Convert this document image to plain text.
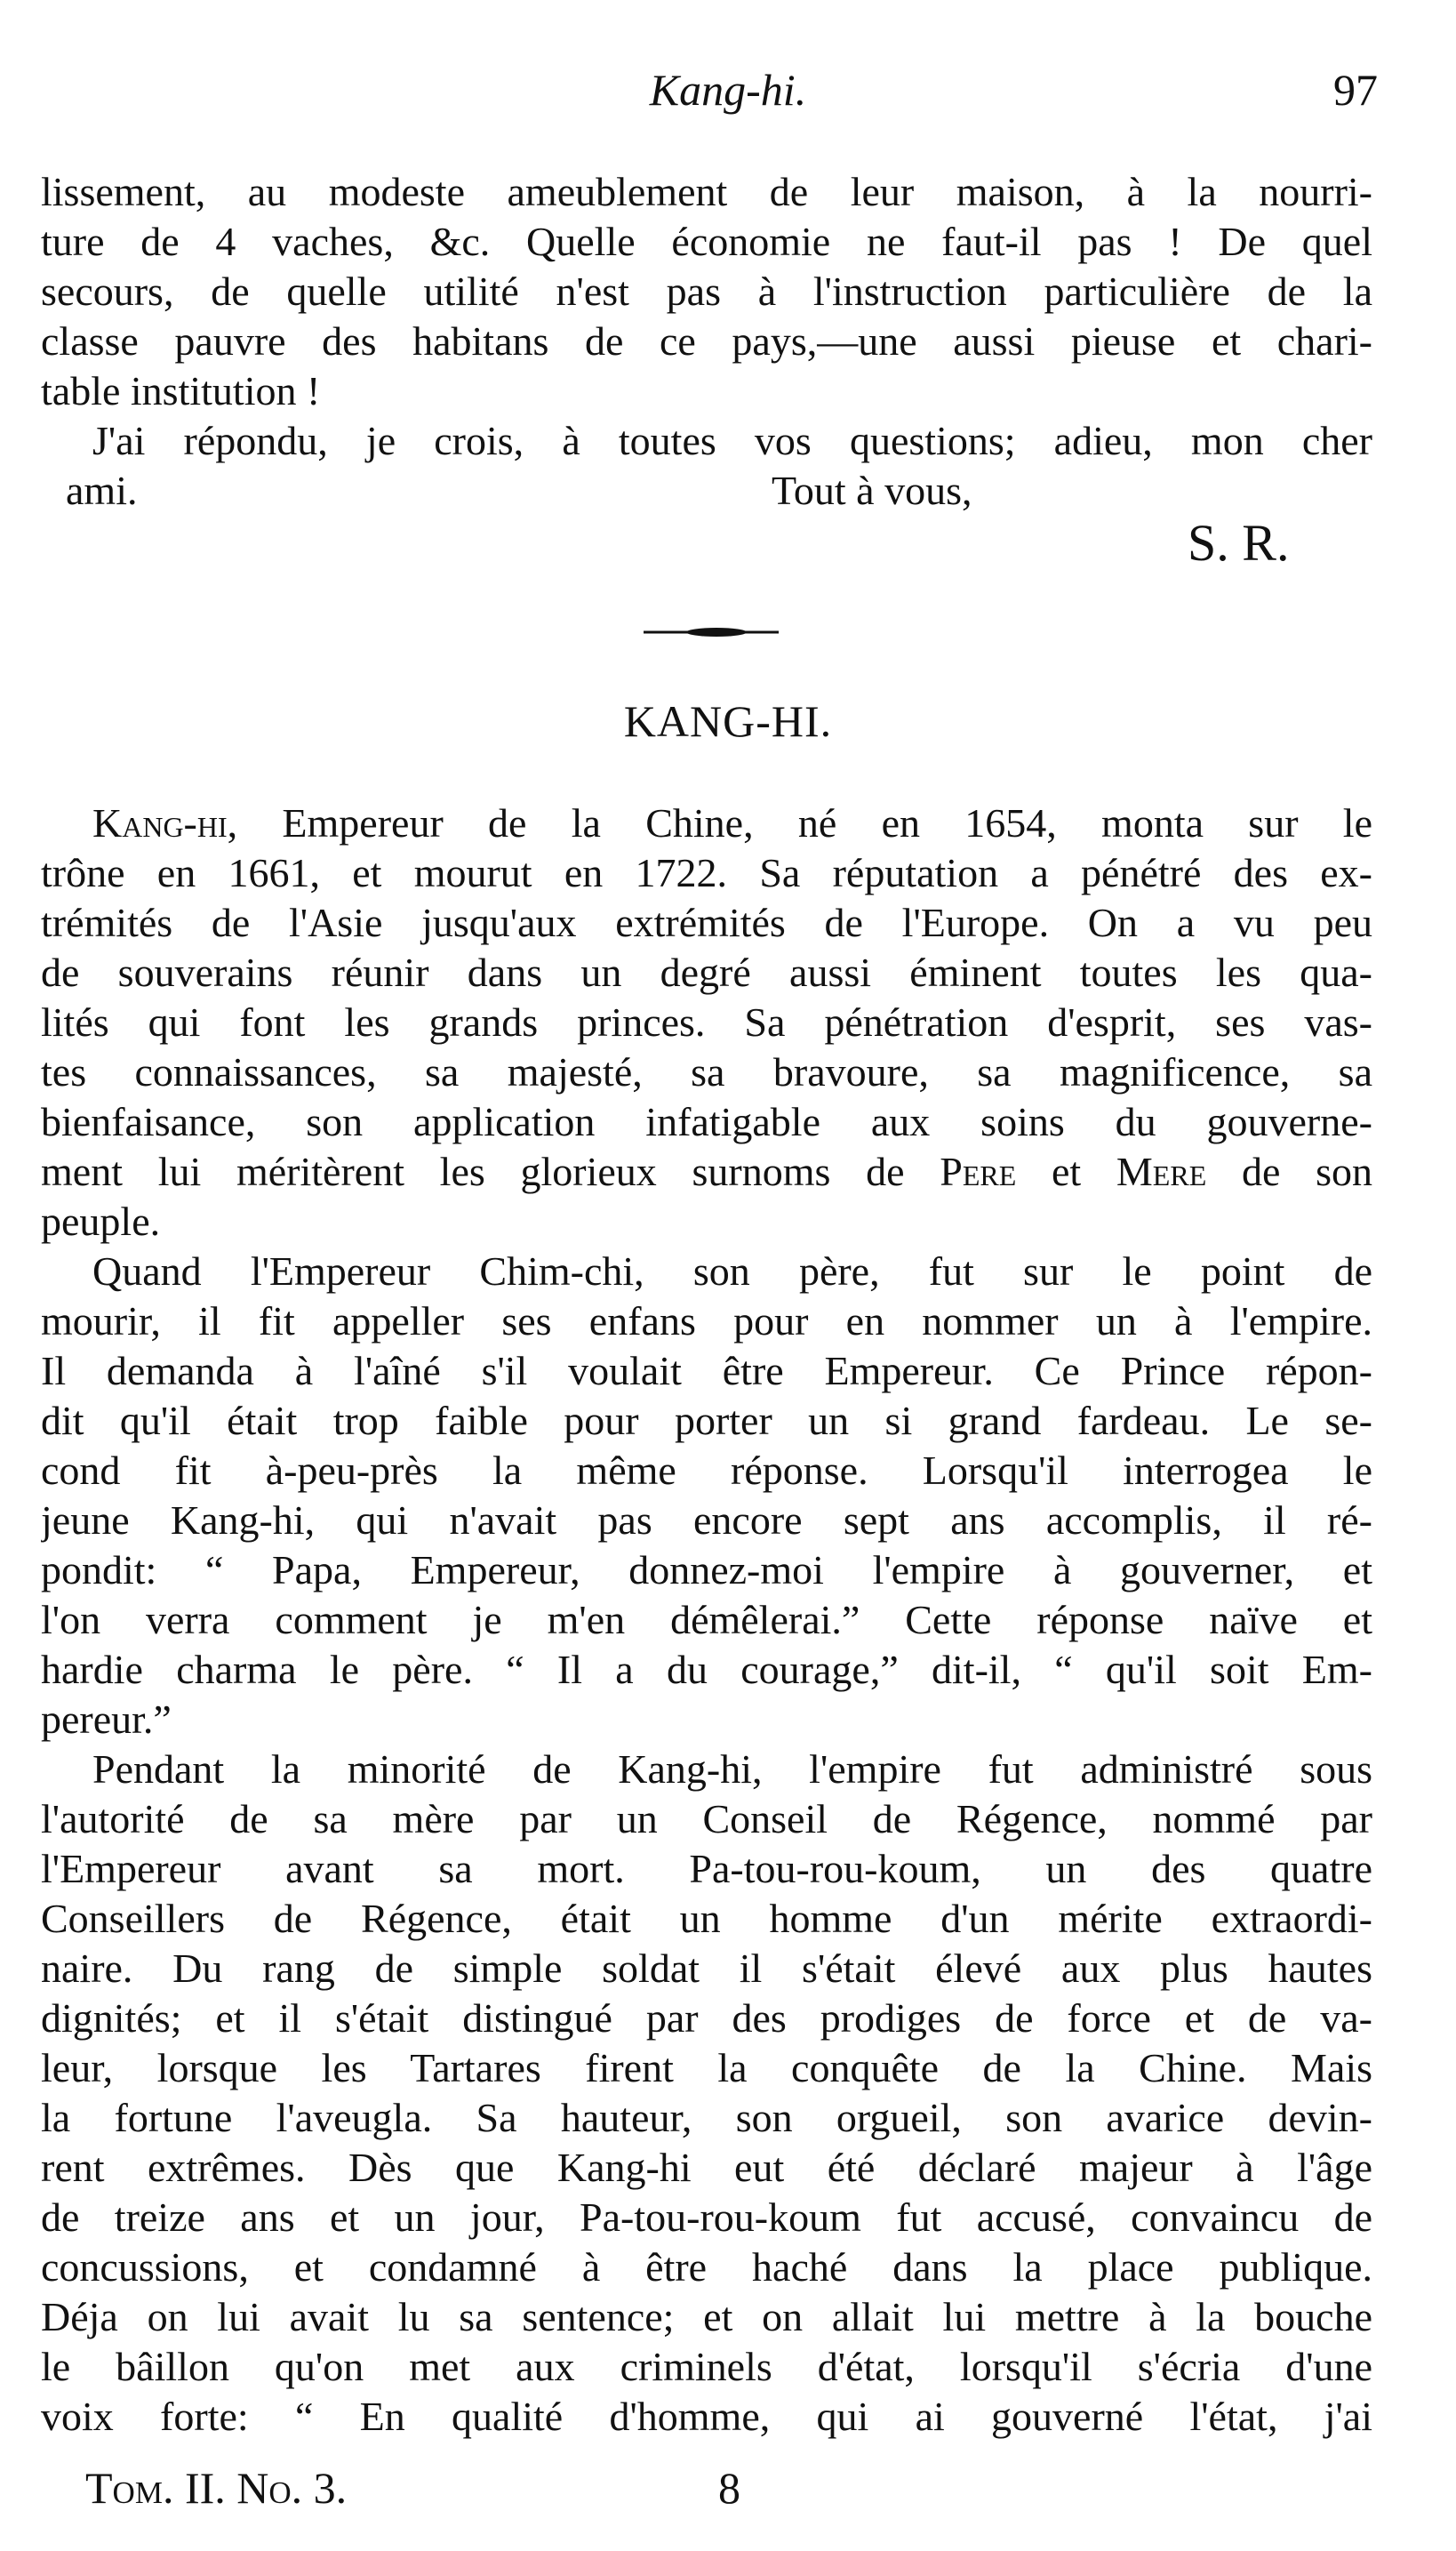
Kang-hi.	97
lissement, au modeste ameublement de leur maison, à la nourri-
ture de 4 vaches, &c. Quelle économie ne faut-il pas ! De quel
secours, de quelle utilité n'est pas à l'instruction particulière de la
classe pauvre des habitans de ce pays,—une aussi pieuse et chari-
table institution !
J'ai répondu, je crois, à toutes vos questions; adieu, mon cher
ami.	Tout à vous,
S. R.
KANG-HI.
Kang-hi, Empereur de la Chine, né en 1654, monta sur le
trône en 1661, et mourut en 1722. Sa réputation a pénétré des ex-
trémités de l'Asie jusqu'aux extrémités de l'Europe. On a vu peu
de souverains réunir dans un degré aussi éminent toutes les qua-
lités qui font les grands princes. Sa pénétration d'esprit, ses vas-
tes connaissances, sa majesté, sa bravoure, sa magnificence, sa
bienfaisance, son application infatigable aux soins du gouverne-
ment lui méritèrent les glorieux surnoms de Pere et Mere de son
peuple.
Quand l'Empereur Chim-chi, son père, fut sur le point de
mourir, il fit appeller ses enfans pour en nommer un à l'empire.
Il demanda à l'aîné s'il voulait être Empereur. Ce Prince répon-
dit qu'il était trop faible pour porter un si grand fardeau. Le se-
cond fit à-peu-près la même réponse. Lorsqu'il interrogea le
jeune Kang-hi, qui n'avait pas encore sept ans accomplis, il ré-
pondit: “ Papa, Empereur, donnez-moi l'empire à gouverner, et
l'on verra comment je m'en démêlerai.” Cette réponse naïve et
hardie charma le père. “ Il a du courage,” dit-il, “ qu'il soit Em-
pereur.”
Pendant la minorité de Kang-hi, l'empire fut administré sous
l'autorité de sa mère par un Conseil de Régence, nommé par
l'Empereur avant sa mort. Pa-tou-rou-koum, un des quatre
Conseillers de Régence, était un homme d'un mérite extraordi-
naire. Du rang de simple soldat il s'était élevé aux plus hautes
dignités; et il s'était distingué par des prodiges de force et de va-
leur, lorsque les Tartares firent la conquête de la Chine. Mais
la fortune l'aveugla. Sa hauteur, son orgueil, son avarice devin-
rent extrêmes. Dès que Kang-hi eut été déclaré majeur à l'âge
de treize ans et un jour, Pa-tou-rou-koum fut accusé, convaincu de
concussions, et condamné à être haché dans la place publique.
Déja on lui avait lu sa sentence; et on allait lui mettre à la bouche
le bâillon qu'on met aux criminels d'état, lorsqu'il s'écria d'une
voix forte: “ En qualité d'homme, qui ai gouverné l'état, j'ai
Tom. II. No. 3.	8
